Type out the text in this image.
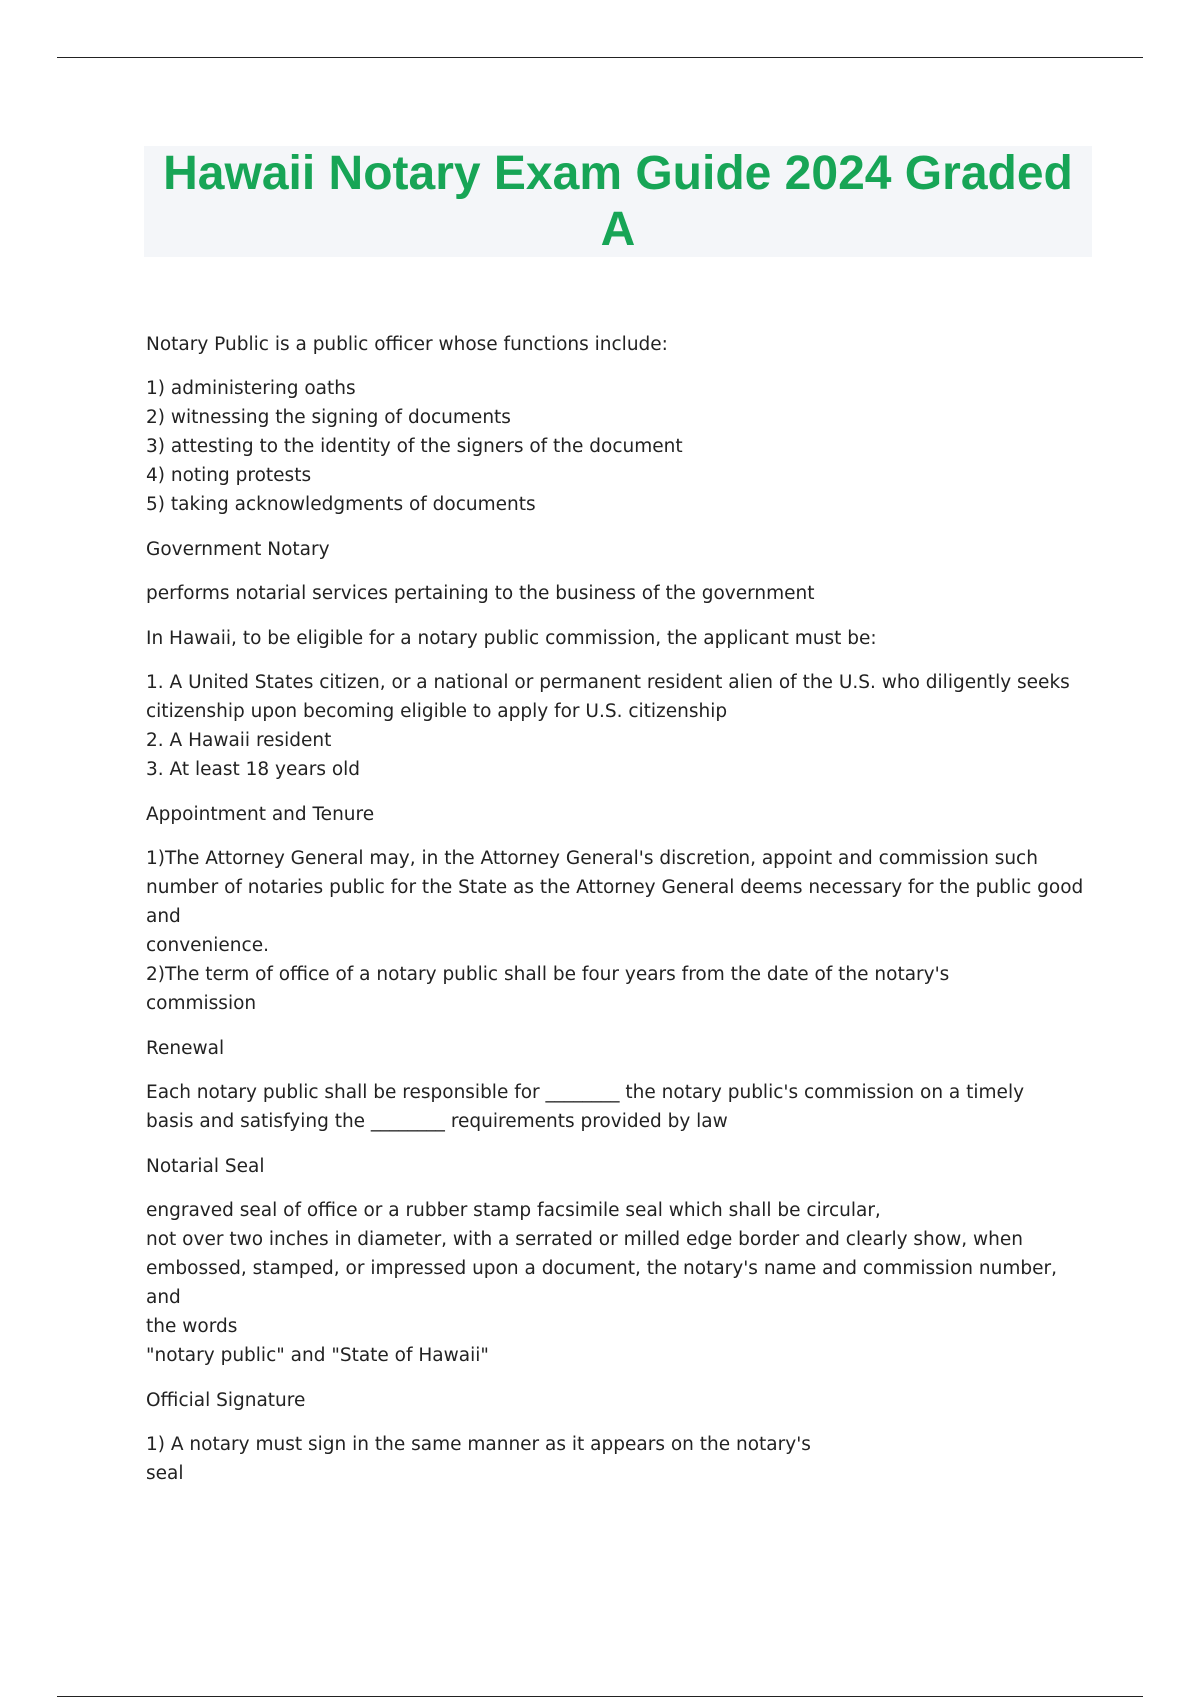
Hawaii Notary Exam Guide 2024 Graded A

Notary Public is a public officer whose functions include:

1) administering oaths
2) witnessing the signing of documents
3) attesting to the identity of the signers of the document
4) noting protests
5) taking acknowledgments of documents

Government Notary

performs notarial services pertaining to the business of the government

In Hawaii, to be eligible for a notary public commission, the applicant must be:

1. A United States citizen, or a national or permanent resident alien of the U.S. who diligently seeks
citizenship upon becoming eligible to apply for U.S. citizenship
2. A Hawaii resident
3. At least 18 years old

Appointment and Tenure

1)The Attorney General may, in the Attorney General's discretion, appoint and commission such
number of notaries public for the State as the Attorney General deems necessary for the public good and
convenience.
2)The term of office of a notary public shall be four years from the date of the notary's
commission

Renewal

Each notary public shall be responsible for ________ the notary public's commission on a timely
basis and satisfying the ________ requirements provided by law

Notarial Seal

engraved seal of office or a rubber stamp facsimile seal which shall be circular,
not over two inches in diameter, with a serrated or milled edge border and clearly show, when
embossed, stamped, or impressed upon a document, the notary's name and commission number, and
the words
"notary public" and "State of Hawaii"

Official Signature

1) A notary must sign in the same manner as it appears on the notary's
seal
